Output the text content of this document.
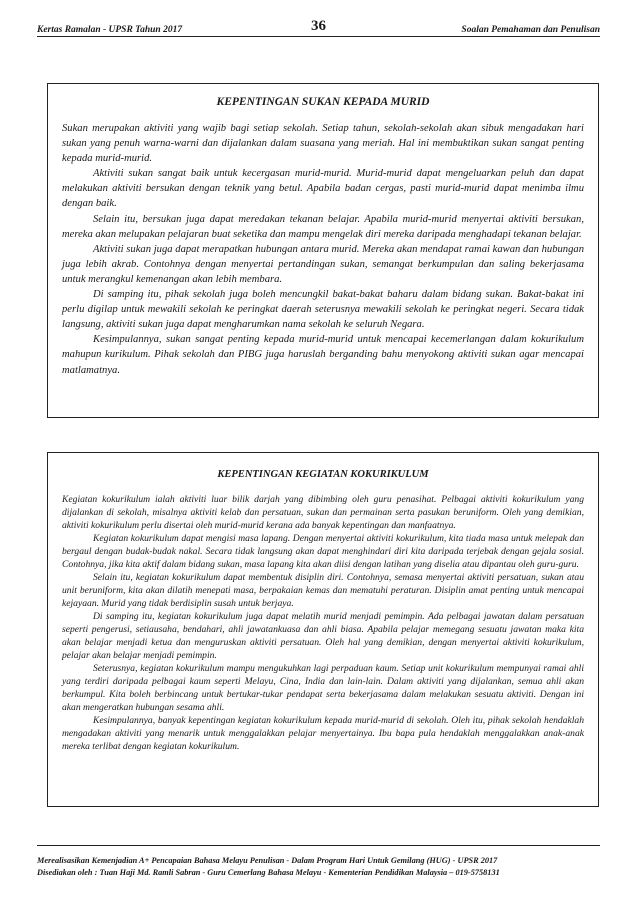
Kertas Ramalan - UPSR Tahun 2017	36	Soalan Pemahaman dan Penulisan
KEPENTINGAN SUKAN KEPADA MURID

Sukan merupakan aktiviti yang wajib bagi setiap sekolah. Setiap tahun, sekolah-sekolah akan sibuk mengadakan hari sukan yang penuh warna-warni dan dijalankan dalam suasana yang meriah. Hal ini membuktikan sukan sangat penting kepada murid-murid.

Aktiviti sukan sangat baik untuk kecergasan murid-murid. Murid-murid dapat mengeluarkan peluh dan dapat melakukan aktiviti bersukan dengan teknik yang betul. Apabila badan cergas, pasti murid-murid dapat menimba ilmu dengan baik.

Selain itu, bersukan juga dapat meredakan tekanan belajar. Apabila murid-murid menyertai aktiviti bersukan, mereka akan melupakan pelajaran buat seketika dan mampu mengelak diri mereka daripada menghadapi tekanan belajar.

Aktiviti sukan juga dapat merapatkan hubungan antara murid. Mereka akan mendapat ramai kawan dan hubungan juga lebih akrab. Contohnya dengan menyertai pertandingan sukan, semangat berkumpulan dan saling bekerjasama untuk merangkul kemenangan akan lebih membara.

Di samping itu, pihak sekolah juga boleh mencungkil bakat-bakat baharu dalam bidang sukan. Bakat-bakat ini perlu digilap untuk mewakili sekolah ke peringkat daerah seterusnya mewakili sekolah ke peringkat negeri. Secara tidak langsung, aktiviti sukan juga dapat mengharumkan nama sekolah ke seluruh Negara.

Kesimpulannya, sukan sangat penting kepada murid-murid untuk mencapai kecemerlangan dalam kokurikulum mahupun kurikulum. Pihak sekolah dan PIBG juga haruslah berganding bahu menyokong aktiviti sukan agar mencapai matlamatnya.

KEPENTINGAN KEGIATAN KOKURIKULUM

Kegiatan kokurikulum ialah aktiviti luar bilik darjah yang dibimbing oleh guru penasihat. Pelbagai aktiviti kokurikulum yang dijalankan di sekolah, misalnya aktiviti kelab dan persatuan, sukan dan permainan serta pasukan beruniform. Oleh yang demikian, aktiviti kokurikulum perlu disertai oleh murid-murid kerana ada banyak kepentingan dan manfaatnya.

Kegiatan kokurikulum dapat mengisi masa lapang. Dengan menyertai aktiviti kokurikulum, kita tiada masa untuk melepak dan bergaul dengan budak-budak nakal. Secara tidak langsung akan dapat menghindari diri kita daripada terjebak dengan gejala sosial. Contohnya, jika kita aktif dalam bidang sukan, masa lapang kita akan diisi dengan latihan yang diselia atau dipantau oleh guru-guru.

Selain itu, kegiatan kokurikulum dapat membentuk disiplin diri. Contohnya, semasa menyertai aktiviti persatuan, sukan atau unit beruniform, kita akan dilatih menepati masa, berpakaian kemas dan mematuhi peraturan. Disiplin amat penting untuk mencapai kejayaan. Murid yang tidak berdisiplin susah untuk berjaya.

Di samping itu, kegiatan kokurikulum juga dapat melatih murid menjadi pemimpin. Ada pelbagai jawatan dalam persatuan seperti pengerusi, setiausaha, bendahari, ahli jawatankuasa dan ahli biasa. Apabila pelajar memegang sesuatu jawatan maka kita akan belajar menjadi ketua dan menguruskan aktiviti persatuan. Oleh hal yang demikian, dengan menyertai aktiviti kokurikulum, pelajar akan belajar menjadi pemimpin.

Seterusnya, kegiatan kokurikulum mampu mengukuhkan lagi perpaduan kaum. Setiap unit kokurikulum mempunyai ramai ahli yang terdiri daripada pelbagai kaum seperti Melayu, Cina, India dan lain-lain. Dalam aktiviti yang dijalankan, semua ahli akan berkumpul. Kita boleh berbincang untuk bertukar-tukar pendapat serta bekerjasama dalam melakukan sesuatu aktiviti. Dengan ini akan mengeratkan hubungan sesama ahli.

Kesimpulannya, banyak kepentingan kegiatan kokurikulum kepada murid-murid di sekolah. Oleh itu, pihak sekolah hendaklah mengadakan aktiviti yang menarik untuk menggalakkan pelajar menyertainya. Ibu bapa pula hendaklah menggalakkan anak-anak mereka terlibat dengan kegiatan kokurikulum.

Merealisasikan Kemenjadian A+ Pencapaian Bahasa Melayu Penulisan - Dalam Program Hari Untuk Gemilang (HUG) - UPSR 2017
Disediakan oleh : Tuan Haji Md. Ramli Sabran - Guru Cemerlang Bahasa Melayu - Kementerian Pendidikan Malaysia – 019-5758131
